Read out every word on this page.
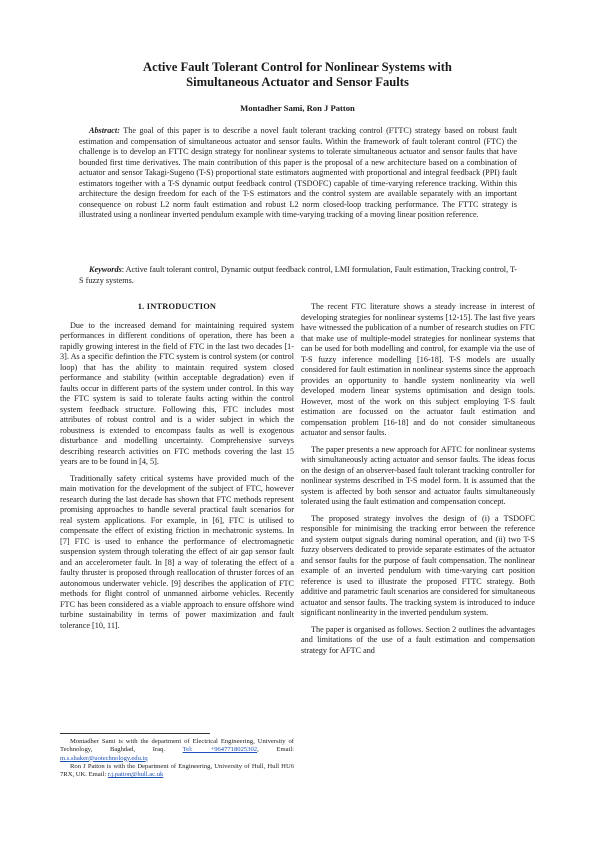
Active Fault Tolerant Control for Nonlinear Systems with
Simultaneous Actuator and Sensor Faults

Montadher Sami, Ron J Patton

Abstract: The goal of this paper is to describe a novel fault tolerant tracking control (FTTC) strategy based on robust fault estimation and compensation of simultaneous actuator and sensor faults. Within the framework of fault tolerant control (FTC) the challenge is to develop an FTTC design strategy for nonlinear systems to tolerate simultaneous actuator and sensor faults that have bounded first time derivatives. The main contribution of this paper is the proposal of a new architecture based on a combination of actuator and sensor Takagi-Sugeno (T-S) proportional state estimators augmented with proportional and integral feedback (PPI) fault estimators together with a T-S dynamic output feedback control (TSDOFC) capable of time-varying reference tracking. Within this architecture the design freedom for each of the T-S estimators and the control system are available separately with an important consequence on robust L2 norm fault estimation and robust L2 norm closed-loop tracking performance. The FTTC strategy is illustrated using a nonlinear inverted pendulum example with time-varying tracking of a moving linear position reference.

Keywords: Active fault tolerant control, Dynamic output feedback control, LMI formulation, Fault estimation, Tracking control, T-S fuzzy systems.

1. INTRODUCTION

Due to the increased demand for maintaining required system performances in different conditions of operation, there has been a rapidly growing interest in the field of FTC in the last two decades [1-3]. As a specific defintion the FTC system is control system (or control loop) that has the ability to maintain required system closed performance and stability (within acceptable degradation) even if faults occur in different parts of the system under control. In this way the FTC system is said to tolerate faults acting within the control system feedback structure. Following this, FTC includes most attributes of robust control and is a wider subject in which the robustness is extended to encompass faults as well is exogenous disturbance and modelling uncertainty. Comprehensive surveys describing research activities on FTC methods covering the last 15 years are to be found in [4, 5].

Traditionally safety critical systems have provided much of the main motivation for the development of the subject of FTC, however research during the last decade has shown that FTC methods represent promising approaches to handle several practical fault scenarios for real system applications. For example, in [6], FTC is utilised to compensate the effect of existing friction in mechatronic systems. In [7] FTC is used to enhance the performance of electromagnetic suspension system through tolerating the effect of air gap sensor fault and an accelerometer fault. In [8] a way of tolerating the effect of a faulty thruster is proposed through reallocation of thruster forces of an autonomous underwater vehicle. [9] describes the application of FTC methods for flight control of unmanned airborne vehicles. Recently FTC has been considered as a viable approach to ensure offshore wind turbine sustainability in terms of power maximization and fault tolerance [10, 11].

The recent FTC literature shows a steady increase in interest of developing strategies for nonlinear systems [12-15]. The last five years have witnessed the publication of a number of research studies on FTC that make use of multiple-model strategies for nonlinear systems that can be used for both modelling and control, for example via the use of T-S fuzzy inference modelling [16-18]. T-S models are usually considered for fault estimation in nonlinear systems since the approach provides an opportunity to handle system nonlinearity via well developed modern linear systems optimisation and design tools. However, most of the work on this subject employing T-S fault estimation are focussed on the actuator fault estimation and compensation problem [16-18] and do not consider simultaneous actuator and sensor faults.

The paper presents a new approach for AFTC for nonlinear systems with simultaneously acting actuator and sensor faults. The ideas focus on the design of an observer-based fault tolerant tracking controller for nonlinear systems described in T-S model form. It is assumed that the system is affected by both sensor and actuator faults simultaneously tolerated using the fault estimation and compensation concept.

The proposed strategy involves the design of (i) a TSDOFC responsible for minimising the tracking error between the reference and system output signals during nominal operation, and (ii) two T-S fuzzy observers dedicated to provide separate estimates of the actuator and sensor faults for the purpose of fault compensation. The nonlinear example of an inverted pendulum with time-varying cart position reference is used to illustrate the proposed FTTC strategy. Both additive and parametric fault scenarios are considered for simultaneous actuator and sensor faults. The tracking system is introduced to induce significant nonlinearity in the inverted pendulum system.

The paper is organised as follows. Section 2 outlines the advantages and limitations of the use of a fault estimation and compensation strategy for AFTC and

Montadher Sami is with the department of Electrical Engineering, University of Technology, Baghdad, Iraq.	Tel: +9647718025302, Email: m.s.shaker@uotechnology.edu.iq

Ron J Patton is with the Department of Engineering, University of Hull, Hull HU6 7RX, UK. Email: r.j.patton@hull.ac.uk
